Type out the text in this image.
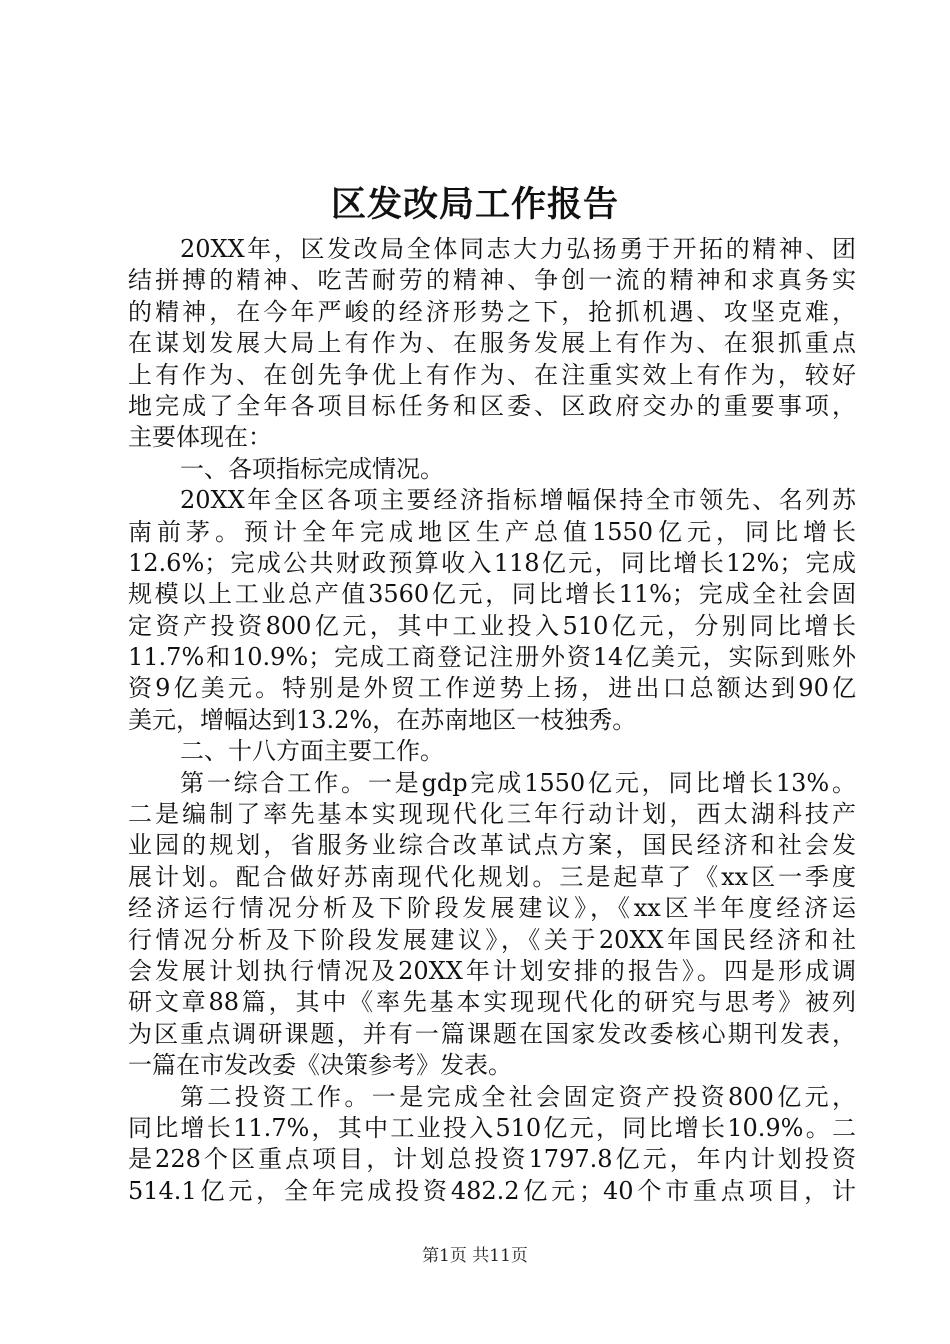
区发改局工作报告
20XX年，区发改局全体同志大力弘扬勇于开拓的精神、团
结拼搏的精神、吃苦耐劳的精神、争创一流的精神和求真务实
的精神，在今年严峻的经济形势之下，抢抓机遇、攻坚克难，
在谋划发展大局上有作为、在服务发展上有作为、在狠抓重点
上有作为、在创先争优上有作为、在注重实效上有作为，较好
地完成了全年各项目标任务和区委、区政府交办的重要事项，
主要体现在：
一、各项指标完成情况。
20XX年全区各项主要经济指标增幅保持全市领先、名列苏
南前茅。预计全年完成地区生产总值1550亿元，同比增长
12.6%；完成公共财政预算收入118亿元，同比增长12%；完成
规模以上工业总产值3560亿元，同比增长11%；完成全社会固
定资产投资800亿元，其中工业投入510亿元，分别同比增长
11.7%和10.9%；完成工商登记注册外资14亿美元，实际到账外
资9亿美元。特别是外贸工作逆势上扬，进出口总额达到90亿
美元，增幅达到13.2%，在苏南地区一枝独秀。
二、十八方面主要工作。
第一综合工作。一是gdp完成1550亿元，同比增长13%。
二是编制了率先基本实现现代化三年行动计划，西太湖科技产
业园的规划，省服务业综合改革试点方案，国民经济和社会发
展计划。配合做好苏南现代化规划。三是起草了《xx区一季度
经济运行情况分析及下阶段发展建议》，《xx区半年度经济运
行情况分析及下阶段发展建议》，《关于20XX年国民经济和社
会发展计划执行情况及20XX年计划安排的报告》。四是形成调
研文章88篇，其中《率先基本实现现代化的研究与思考》被列
为区重点调研课题，并有一篇课题在国家发改委核心期刊发表，
一篇在市发改委《决策参考》发表。
第二投资工作。一是完成全社会固定资产投资800亿元，
同比增长11.7%，其中工业投入510亿元，同比增长10.9%。二
是228个区重点项目，计划总投资1797.8亿元，年内计划投资
514.1亿元，全年完成投资482.2亿元；40个市重点项目，计
第1页 共11页
